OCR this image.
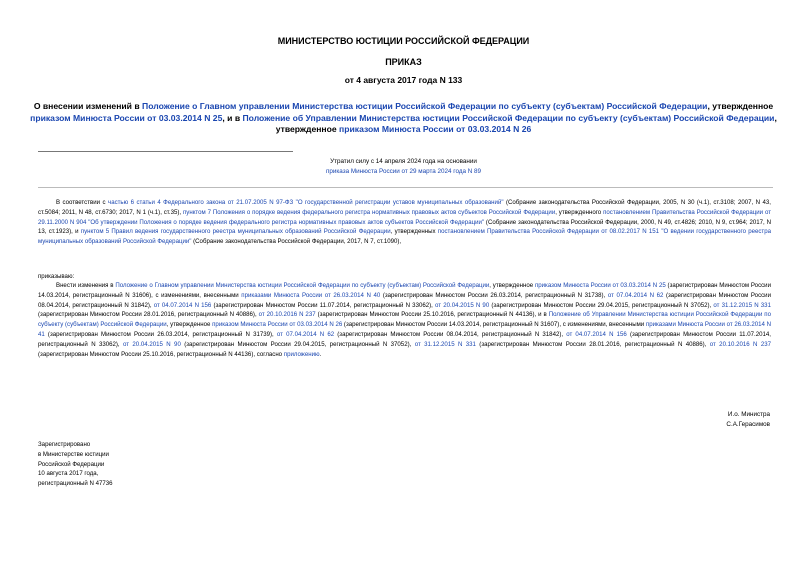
МИНИСТЕРСТВО ЮСТИЦИИ РОССИЙСКОЙ ФЕДЕРАЦИИ
ПРИКАЗ
от 4 августа 2017 года N 133
О внесении изменений в Положение о Главном управлении Министерства юстиции Российской Федерации по субъекту (субъектам) Российской Федерации, утвержденное приказом Минюста России от 03.03.2014 N 25, и в Положение об Управлении Министерства юстиции Российской Федерации по субъекту (субъектам) Российской Федерации, утвержденное приказом Минюста России от 03.03.2014 N 26
Утратил силу с 14 апреля 2024 года на основании
приказа Минюста России от 29 марта 2024 года N 89
В соответствии с частью 6 статьи 4 Федерального закона от 21.07.2005 N 97-ФЗ "О государственной регистрации уставов муниципальных образований" (Собрание законодательства Российской Федерации, 2005, N 30 (ч.1), ст.3108; 2007, N 43, ст.5084; 2011, N 48, ст.6730; 2017, N 1 (ч.1), ст.35), пунктом 7 Положения о порядке ведения федерального регистра нормативных правовых актов субъектов Российской Федерации, утвержденного постановлением Правительства Российской Федерации от 29.11.2000 N 904 "Об утверждении Положения о порядке ведения федерального регистра нормативных правовых актов субъектов Российской Федерации" (Собрание законодательства Российской Федерации, 2000, N 49, ст.4826; 2010, N 9, ст.964; 2017, N 13, ст.1923), и пунктом 5 Правил ведения государственного реестра муниципальных образований Российской Федерации, утвержденных постановлением Правительства Российской Федерации от 08.02.2017 N 151 "О ведении государственного реестра муниципальных образований Российской Федерации" (Собрание законодательства Российской Федерации, 2017, N 7, ст.1090),
приказываю:
Внести изменения в Положение о Главном управлении Министерства юстиции Российской Федерации по субъекту (субъектам) Российской Федерации, утвержденное приказом Минюста России от 03.03.2014 N 25 (зарегистрирован Минюстом России 14.03.2014, регистрационный N 31606), с изменениями, внесенными приказами Минюста России от 26.03.2014 N 40 (зарегистрирован Минюстом России 26.03.2014, регистрационный N 31738), от 07.04.2014 N 62 (зарегистрирован Минюстом России 08.04.2014, регистрационный N 31842), от 04.07.2014 N 156 (зарегистрирован Минюстом России 11.07.2014, регистрационный N 33062), от 20.04.2015 N 90 (зарегистрирован Минюстом России 29.04.2015, регистрационный N 37052), от 31.12.2015 N 331 (зарегистрирован Минюстом России 28.01.2016, регистрационный N 40886), от 20.10.2016 N 237 (зарегистрирован Минюстом России 25.10.2016, регистрационный N 44136), и в Положение об Управлении Министерства юстиции Российской Федерации по субъекту (субъектам) Российской Федерации, утвержденное приказом Минюста России от 03.03.2014 N 26 (зарегистрирован Минюстом России 14.03.2014, регистрационный N 31607), с изменениями, внесенными приказами Минюста России от 26.03.2014 N 41 (зарегистрирован Минюстом России 26.03.2014, регистрационный N 31739), от 07.04.2014 N 62 (зарегистрирован Минюстом России 08.04.2014, регистрационный N 31842), от 04.07.2014 N 156 (зарегистрирован Минюстом России 11.07.2014, регистрационный N 33062), от 20.04.2015 N 90 (зарегистрирован Минюстом России 29.04.2015, регистрационный N 37052), от 31.12.2015 N 331 (зарегистрирован Минюстом России 28.01.2016, регистрационный N 40886), от 20.10.2016 N 237 (зарегистрирован Минюстом России 25.10.2016, регистрационный N 44136), согласно приложению.
И.о. Министра
С.А.Герасимов
Зарегистрировано
в Министерстве юстиции
Российской Федерации
10 августа 2017 года,
регистрационный N 47736
